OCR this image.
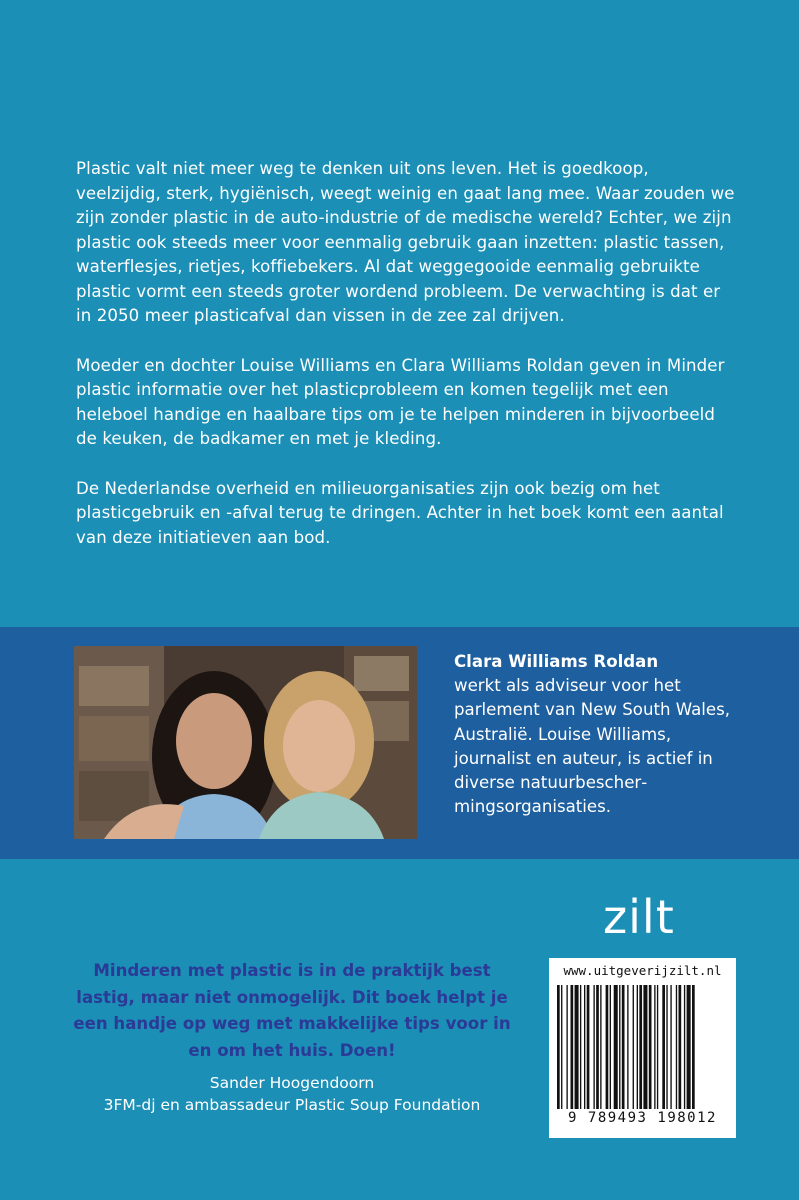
Plastic valt niet meer weg te denken uit ons leven. Het is goedkoop, veelzijdig, sterk, hygiënisch, weegt weinig en gaat lang mee. Waar zouden we zijn zonder plastic in de auto-industrie of de medische wereld? Echter, we zijn plastic ook steeds meer voor eenmalig gebruik gaan inzetten: plastic tassen, waterflesjes, rietjes, koffiebekers. Al dat weggegooide eenmalig gebruikte plastic vormt een steeds groter wordend probleem. De verwachting is dat er in 2050 meer plasticafval dan vissen in de zee zal drijven.

Moeder en dochter Louise Williams en Clara Williams Roldan geven in Minder plastic informatie over het plasticprobleem en komen tegelijk met een heleboel handige en haalbare tips om je te helpen minderen in bijvoorbeeld de keuken, de badkamer en met je kleding.

De Nederlandse overheid en milieuorganisaties zijn ook bezig om het plasticgebruik en -afval terug te dringen. Achter in het boek komt een aantal van deze initiatieven aan bod.

Clara Williams Roldan
werkt als adviseur voor het parlement van New South Wales, Australië. Louise Williams, journalist en auteur, is actief in diverse natuurbeschermingsorganisaties.
zilt
Minderen met plastic is in de praktijk best lastig, maar niet onmogelijk. Dit boek helpt je een handje op weg met makkelijke tips voor in en om het huis. Doen!
Sander Hoogendoorn
3FM-dj en ambassadeur Plastic Soup Foundation
www.uitgeverijzilt.nl
9 789493 198012
